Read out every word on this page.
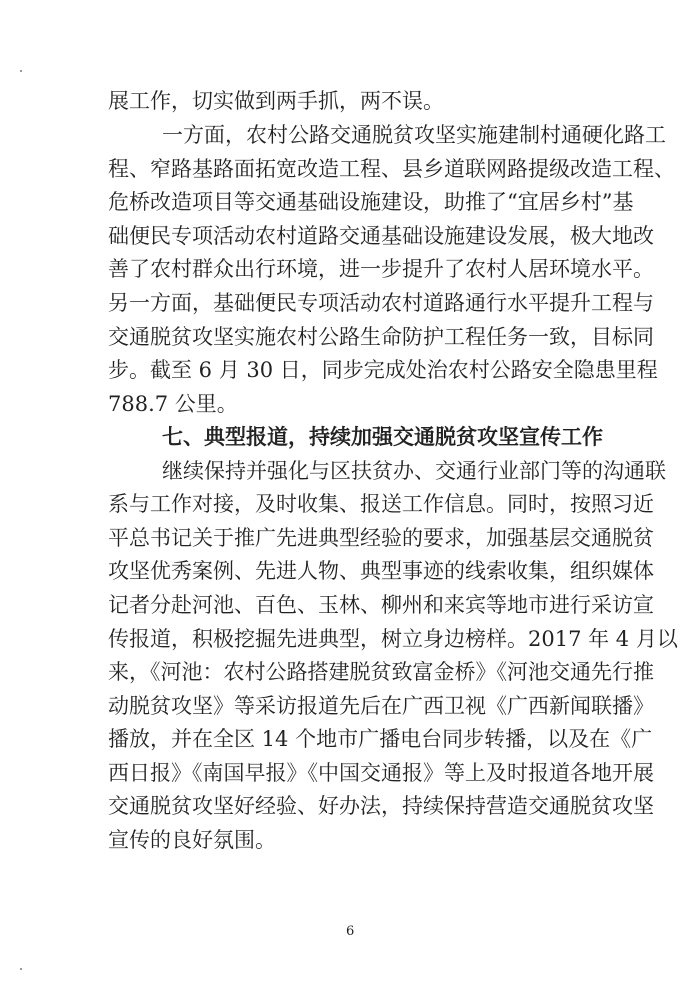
展工作，切实做到两手抓，两不误。
一方面，农村公路交通脱贫攻坚实施建制村通硬化路工
程、窄路基路面拓宽改造工程、县乡道联网路提级改造工程、
危桥改造项目等交通基础设施建设，助推了“宜居乡村”基
础便民专项活动农村道路交通基础设施建设发展，极大地改
善了农村群众出行环境，进一步提升了农村人居环境水平。
另一方面，基础便民专项活动农村道路通行水平提升工程与
交通脱贫攻坚实施农村公路生命防护工程任务一致，目标同
步。截至 6 月 30 日，同步完成处治农村公路安全隐患里程
788.7 公里。
七、典型报道，持续加强交通脱贫攻坚宣传工作
继续保持并强化与区扶贫办、交通行业部门等的沟通联
系与工作对接，及时收集、报送工作信息。同时，按照习近
平总书记关于推广先进典型经验的要求，加强基层交通脱贫
攻坚优秀案例、先进人物、典型事迹的线索收集，组织媒体
记者分赴河池、百色、玉林、柳州和来宾等地市进行采访宣
传报道，积极挖掘先进典型，树立身边榜样。2017 年 4 月以
来，《河池：农村公路搭建脱贫致富金桥》《河池交通先行推
动脱贫攻坚》等采访报道先后在广西卫视《广西新闻联播》
播放，并在全区 14 个地市广播电台同步转播，以及在《广
西日报》《南国早报》《中国交通报》等上及时报道各地开展
交通脱贫攻坚好经验、好办法，持续保持营造交通脱贫攻坚
宣传的良好氛围。
6
